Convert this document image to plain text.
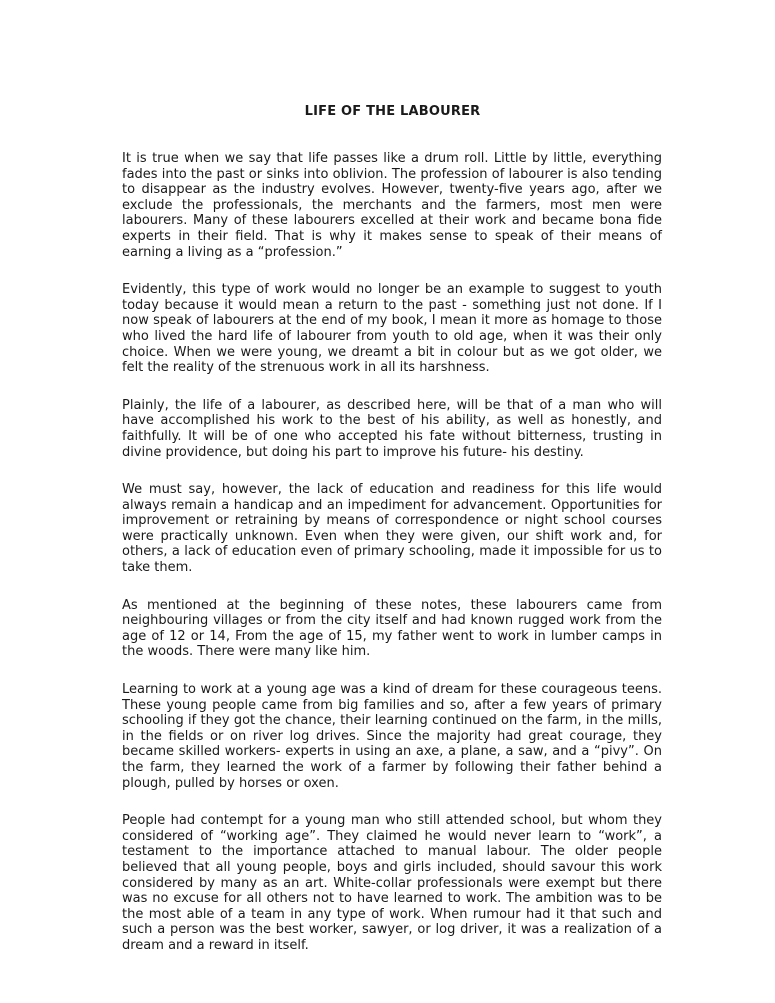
LIFE OF THE LABOURER

It is true when we say that life passes like a drum roll. Little by little, everything fades into the past or sinks into oblivion. The profession of labourer is also tending to disappear as the industry evolves. However, twenty-five years ago, after we exclude the professionals, the merchants and the farmers, most men were labourers. Many of these labourers excelled at their work and became bona fide experts in their field. That is why it makes sense to speak of their means of earning a living as a “profession.”

Evidently, this type of work would no longer be an example to suggest to youth today because it would mean a return to the past - something just not done. If I now speak of labourers at the end of my book, I mean it more as homage to those who lived the hard life of labourer from youth to old age, when it was their only choice. When we were young, we dreamt a bit in colour but as we got older, we felt the reality of the strenuous work in all its harshness.

Plainly, the life of a labourer, as described here, will be that of a man who will have accomplished his work to the best of his ability, as well as honestly, and faithfully. It will be of one who accepted his fate without bitterness, trusting in divine providence, but doing his part to improve his future- his destiny.

We must say, however, the lack of education and readiness for this life would always remain a handicap and an impediment for advancement. Opportunities for improvement or retraining by means of correspondence or night school courses were practically unknown. Even when they were given, our shift work and, for others, a lack of education even of primary schooling, made it impossible for us to take them.

As mentioned at the beginning of these notes, these labourers came from neighbouring villages or from the city itself and had known rugged work from the age of 12 or 14, From the age of 15, my father went to work in lumber camps in the woods. There were many like him.

Learning to work at a young age was a kind of dream for these courageous teens. These young people came from big families and so, after a few years of primary schooling if they got the chance, their learning continued on the farm, in the mills, in the fields or on river log drives. Since the majority had great courage, they became skilled workers- experts in using an axe, a plane, a saw, and a “pivy”. On the farm, they learned the work of a farmer by following their father behind a plough, pulled by horses or oxen.

People had contempt for a young man who still attended school, but whom they considered of “working age”. They claimed he would never learn to “work”, a testament to the importance attached to manual labour. The older people believed that all young people, boys and girls included, should savour this work considered by many as an art. White-collar professionals were exempt but there was no excuse for all others not to have learned to work. The ambition was to be the most able of a team in any type of work. When rumour had it that such and such a person was the best worker, sawyer, or log driver, it was a realization of a dream and a reward in itself.
